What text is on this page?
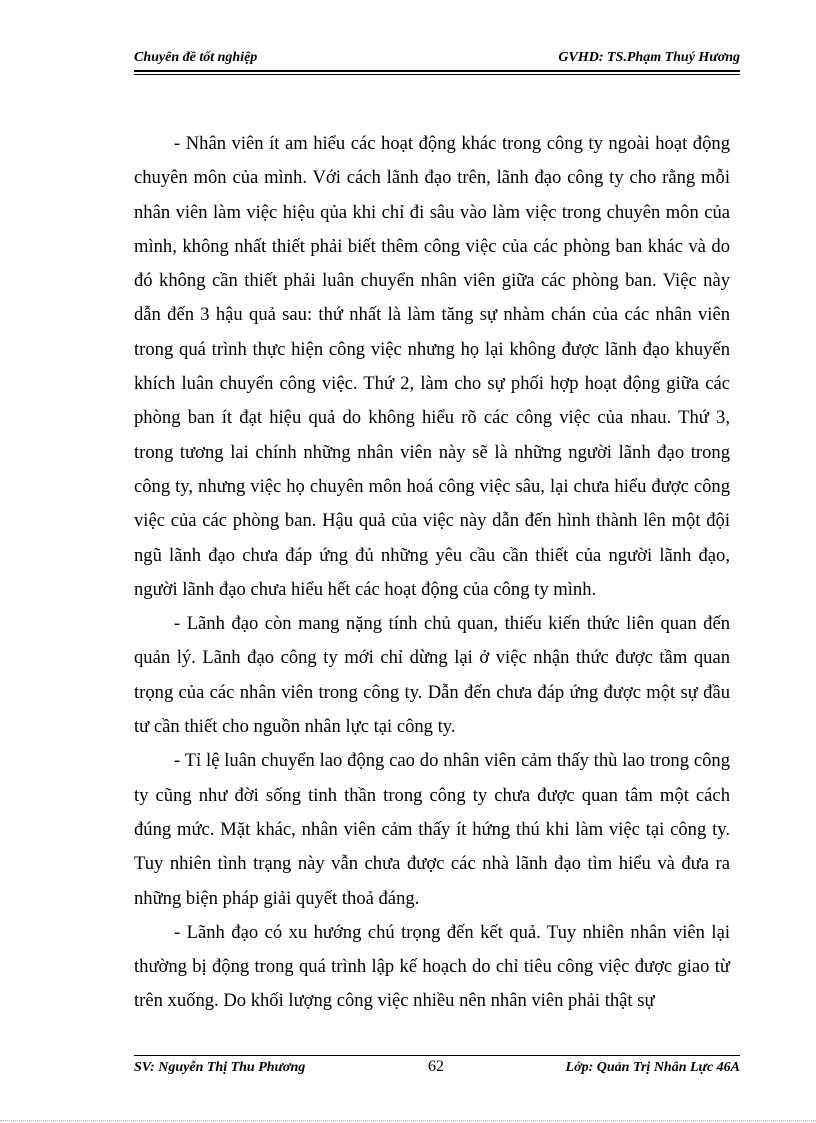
Chuyên đề tốt nghiệp	GVHD: TS.Phạm Thuý Hương

- Nhân viên ít am hiểu các hoạt động khác trong công ty ngoài hoạt động chuyên môn của mình. Với cách lãnh đạo trên, lãnh đạo công ty cho rằng mỗi nhân viên làm việc hiệu qủa khi chỉ đi sâu vào làm việc trong chuyên môn của mình, không nhất thiết phải biết thêm công việc của các phòng ban khác và do đó không cần thiết phải luân chuyển nhân viên giữa các phòng ban. Việc này dẫn đến 3 hậu quả sau: thứ nhất là làm tăng sự nhàm chán của các nhân viên trong quá trình thực hiện công việc nhưng họ lại không được lãnh đạo khuyến khích luân chuyển công việc. Thứ 2, làm cho sự phối hợp hoạt động giữa các phòng ban ít đạt hiệu quả do không hiểu rõ các công việc của nhau. Thứ 3, trong tương lai chính những nhân viên này sẽ là những người lãnh đạo trong công ty, nhưng việc họ chuyên môn hoá công việc sâu, lại chưa hiểu được công việc của các phòng ban. Hậu quả của việc này dẫn đến hình thành lên một đội ngũ lãnh đạo chưa đáp ứng đủ những yêu cầu cần thiết của người lãnh đạo, người lãnh đạo chưa hiểu hết các hoạt động của công ty mình.

- Lãnh đạo còn mang nặng tính chủ quan, thiếu kiến thức liên quan đến quản lý. Lãnh đạo công ty mới chỉ dừng lại ở việc nhận thức được tầm quan trọng của các nhân viên trong công ty. Dẫn đến chưa đáp ứng được một sự đầu tư cần thiết cho nguồn nhân lực tại công ty.

- Tỉ lệ luân chuyển lao động cao do nhân viên cảm thấy thù lao trong công ty cũng như đời sống tinh thần trong công ty chưa được quan tâm một cách đúng mức. Mặt khác, nhân viên cảm thấy ít hứng thú khi làm việc tại công ty. Tuy nhiên tình trạng này vẫn chưa được các nhà lãnh đạo tìm hiểu và đưa ra những biện pháp giải quyết thoả đáng.

- Lãnh đạo có xu hướng chú trọng đến kết quả. Tuy nhiên nhân viên lại thường bị động trong quá trình lập kế hoạch do chỉ tiêu công việc được giao từ trên xuống. Do khối lượng công việc nhiều nên nhân viên phải thật sự

SV: Nguyễn Thị Thu Phương	62	Lớp: Quản Trị Nhân Lực 46A
